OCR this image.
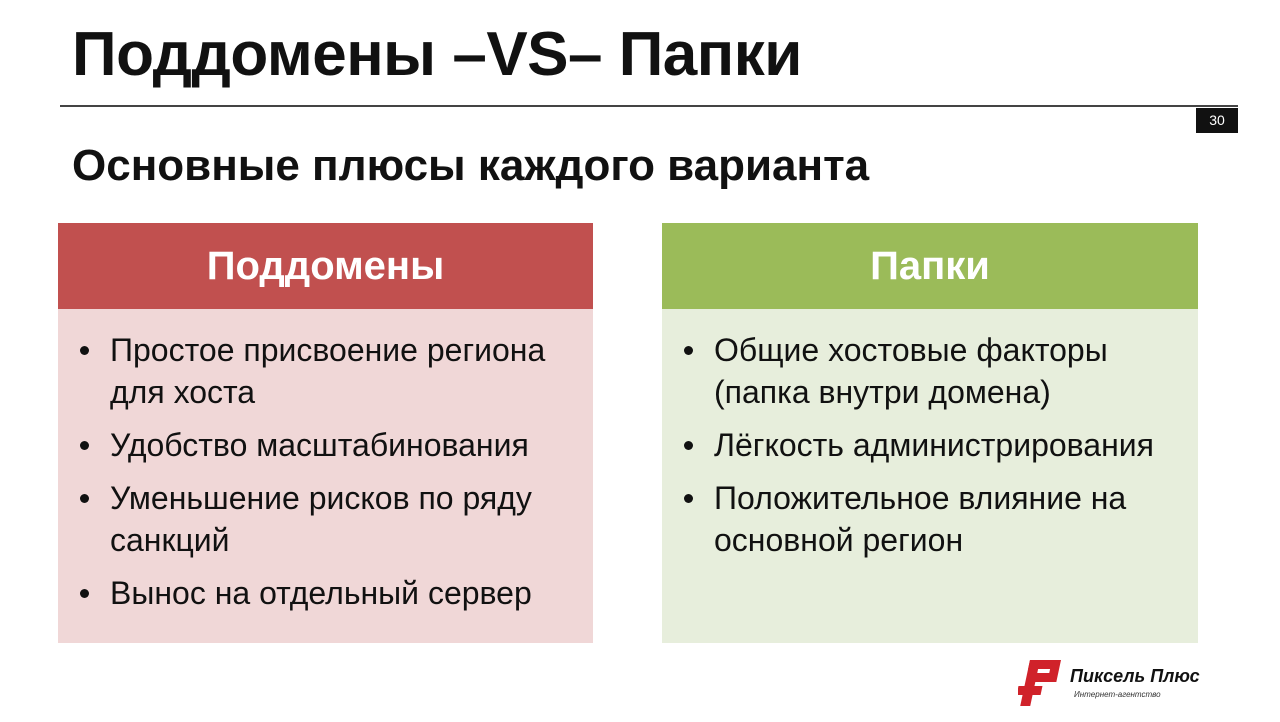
Поддомены –VS– Папки
30
Основные плюсы каждого варианта
Поддомены
Простое присвоение региона для хоста
Удобство масштабинования
Уменьшение рисков по ряду санкций
Вынос на отдельный сервер
Папки
Общие хостовые факторы (папка внутри домена)
Лёгкость администрирования
Положительное влияние на основной регион
Пиксель Плюс
Интернет-агентство
